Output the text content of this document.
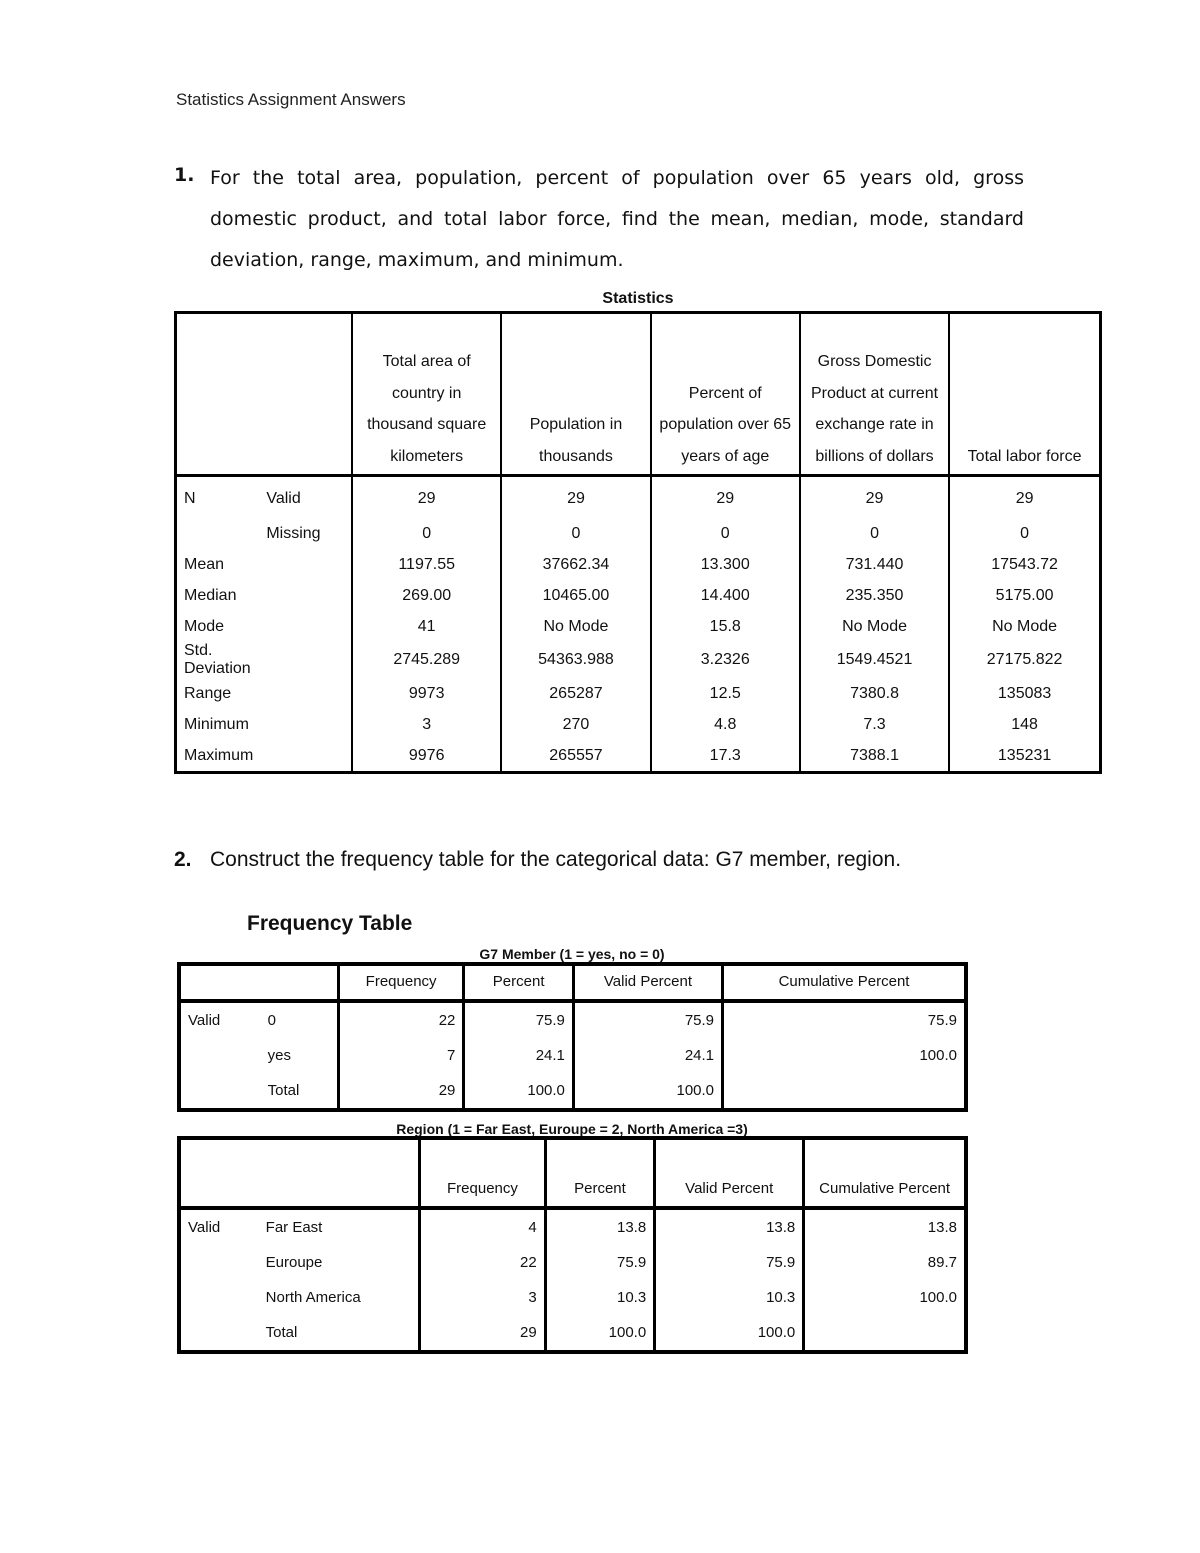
Statistics Assignment Answers
1. For the total area, population, percent of population over 65 years old, gross domestic product, and total labor force, find the mean, median, mode, standard deviation, range, maximum, and minimum.
Statistics
		Total area of country in thousand square kilometers	Population in thousands	Percent of population over 65 years of age	Gross Domestic Product at current exchange rate in billions of dollars	Total labor force
N	Valid	29	29	29	29	29
	Missing	0	0	0	0	0
Mean		1197.55	37662.34	13.300	731.440	17543.72
Median		269.00	10465.00	14.400	235.350	5175.00
Mode		41	No Mode	15.8	No Mode	No Mode
Std. Deviation		2745.289	54363.988	3.2326	1549.4521	27175.822
Range		9973	265287	12.5	7380.8	135083
Minimum		3	270	4.8	7.3	148
Maximum		9976	265557	17.3	7388.1	135231
2. Construct the frequency table for the categorical data: G7 member, region.
Frequency Table
G7 Member (1 = yes, no = 0)
		Frequency	Percent	Valid Percent	Cumulative Percent
Valid	0	22	75.9	75.9	75.9
	yes	7	24.1	24.1	100.0
	Total	29	100.0	100.0	
Region (1 = Far East, Euroupe = 2, North America =3)
		Frequency	Percent	Valid Percent	Cumulative Percent
Valid	Far East	4	13.8	13.8	13.8
	Euroupe	22	75.9	75.9	89.7
	North America	3	10.3	10.3	100.0
	Total	29	100.0	100.0	
